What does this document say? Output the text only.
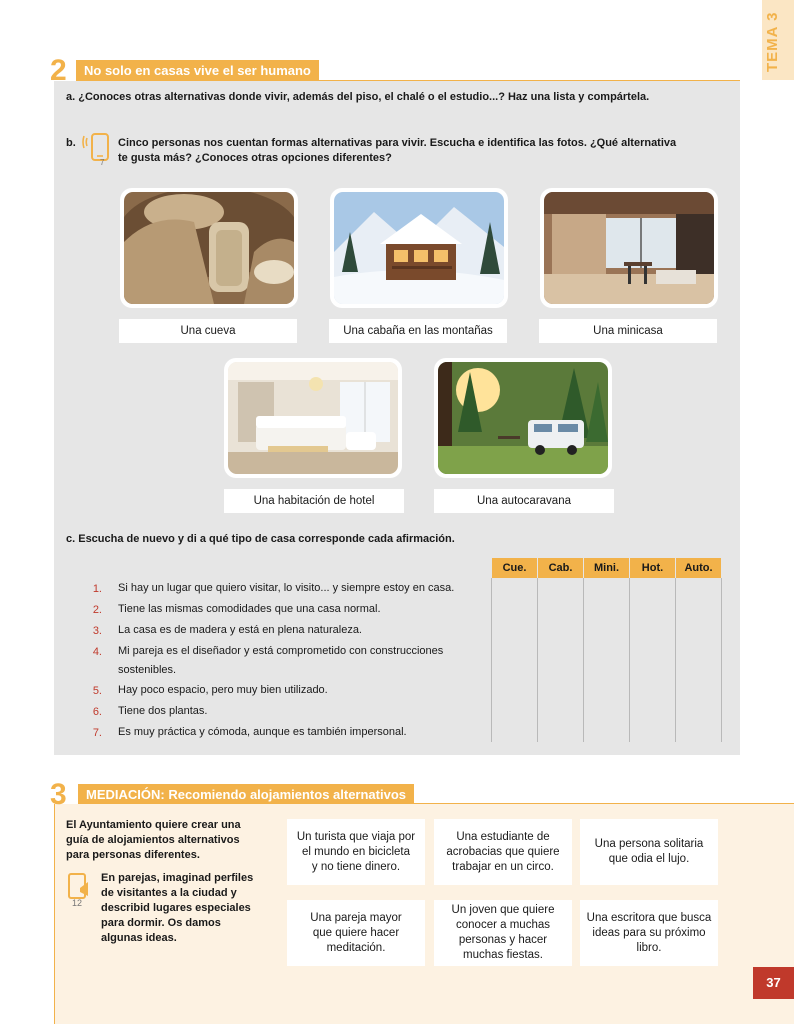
TEMA 3
2	No solo en casas vive el ser humano
a. ¿Conoces otras alternativas donde vivir, además del piso, el chalé o el estudio...? Haz una lista y compártela.
b.
7
Cinco personas nos cuentan formas alternativas para vivir. Escucha e identifica las fotos. ¿Qué alternativa
te gusta más? ¿Conoces otras opciones diferentes?
Una cueva	Una cabaña en las montañas	Una minicasa
Una habitación de hotel	Una autocaravana
c. Escucha de nuevo y di a qué tipo de casa corresponde cada afirmación.
Cue.	Cab.	Mini.	Hot.	Auto.
1. Si hay un lugar que quiero visitar, lo visito... y siempre estoy en casa.
2. Tiene las mismas comodidades que una casa normal.
3. La casa es de madera y está en plena naturaleza.
4. Mi pareja es el diseñador y está comprometido con construcciones
sostenibles.
5. Hay poco espacio, pero muy bien utilizado.
6. Tiene dos plantas.
7. Es muy práctica y cómoda, aunque es también impersonal.
3	MEDIACIÓN: Recomiendo alojamientos alternativos
El Ayuntamiento quiere crear una
guía de alojamientos alternativos
para personas diferentes.
12
En parejas, imaginad perfiles
de visitantes a la ciudad y
describid lugares especiales
para dormir. Os damos
algunas ideas.
Un turista que viaja por
el mundo en bicicleta
y no tiene dinero.
Una estudiante de
acrobacias que quiere
trabajar en un circo.
Una persona solitaria
que odia el lujo.
Una pareja mayor
que quiere hacer
meditación.
Un joven que quiere
conocer a muchas
personas y hacer
muchas fiestas.
Una escritora que busca
ideas para su próximo
libro.
37
